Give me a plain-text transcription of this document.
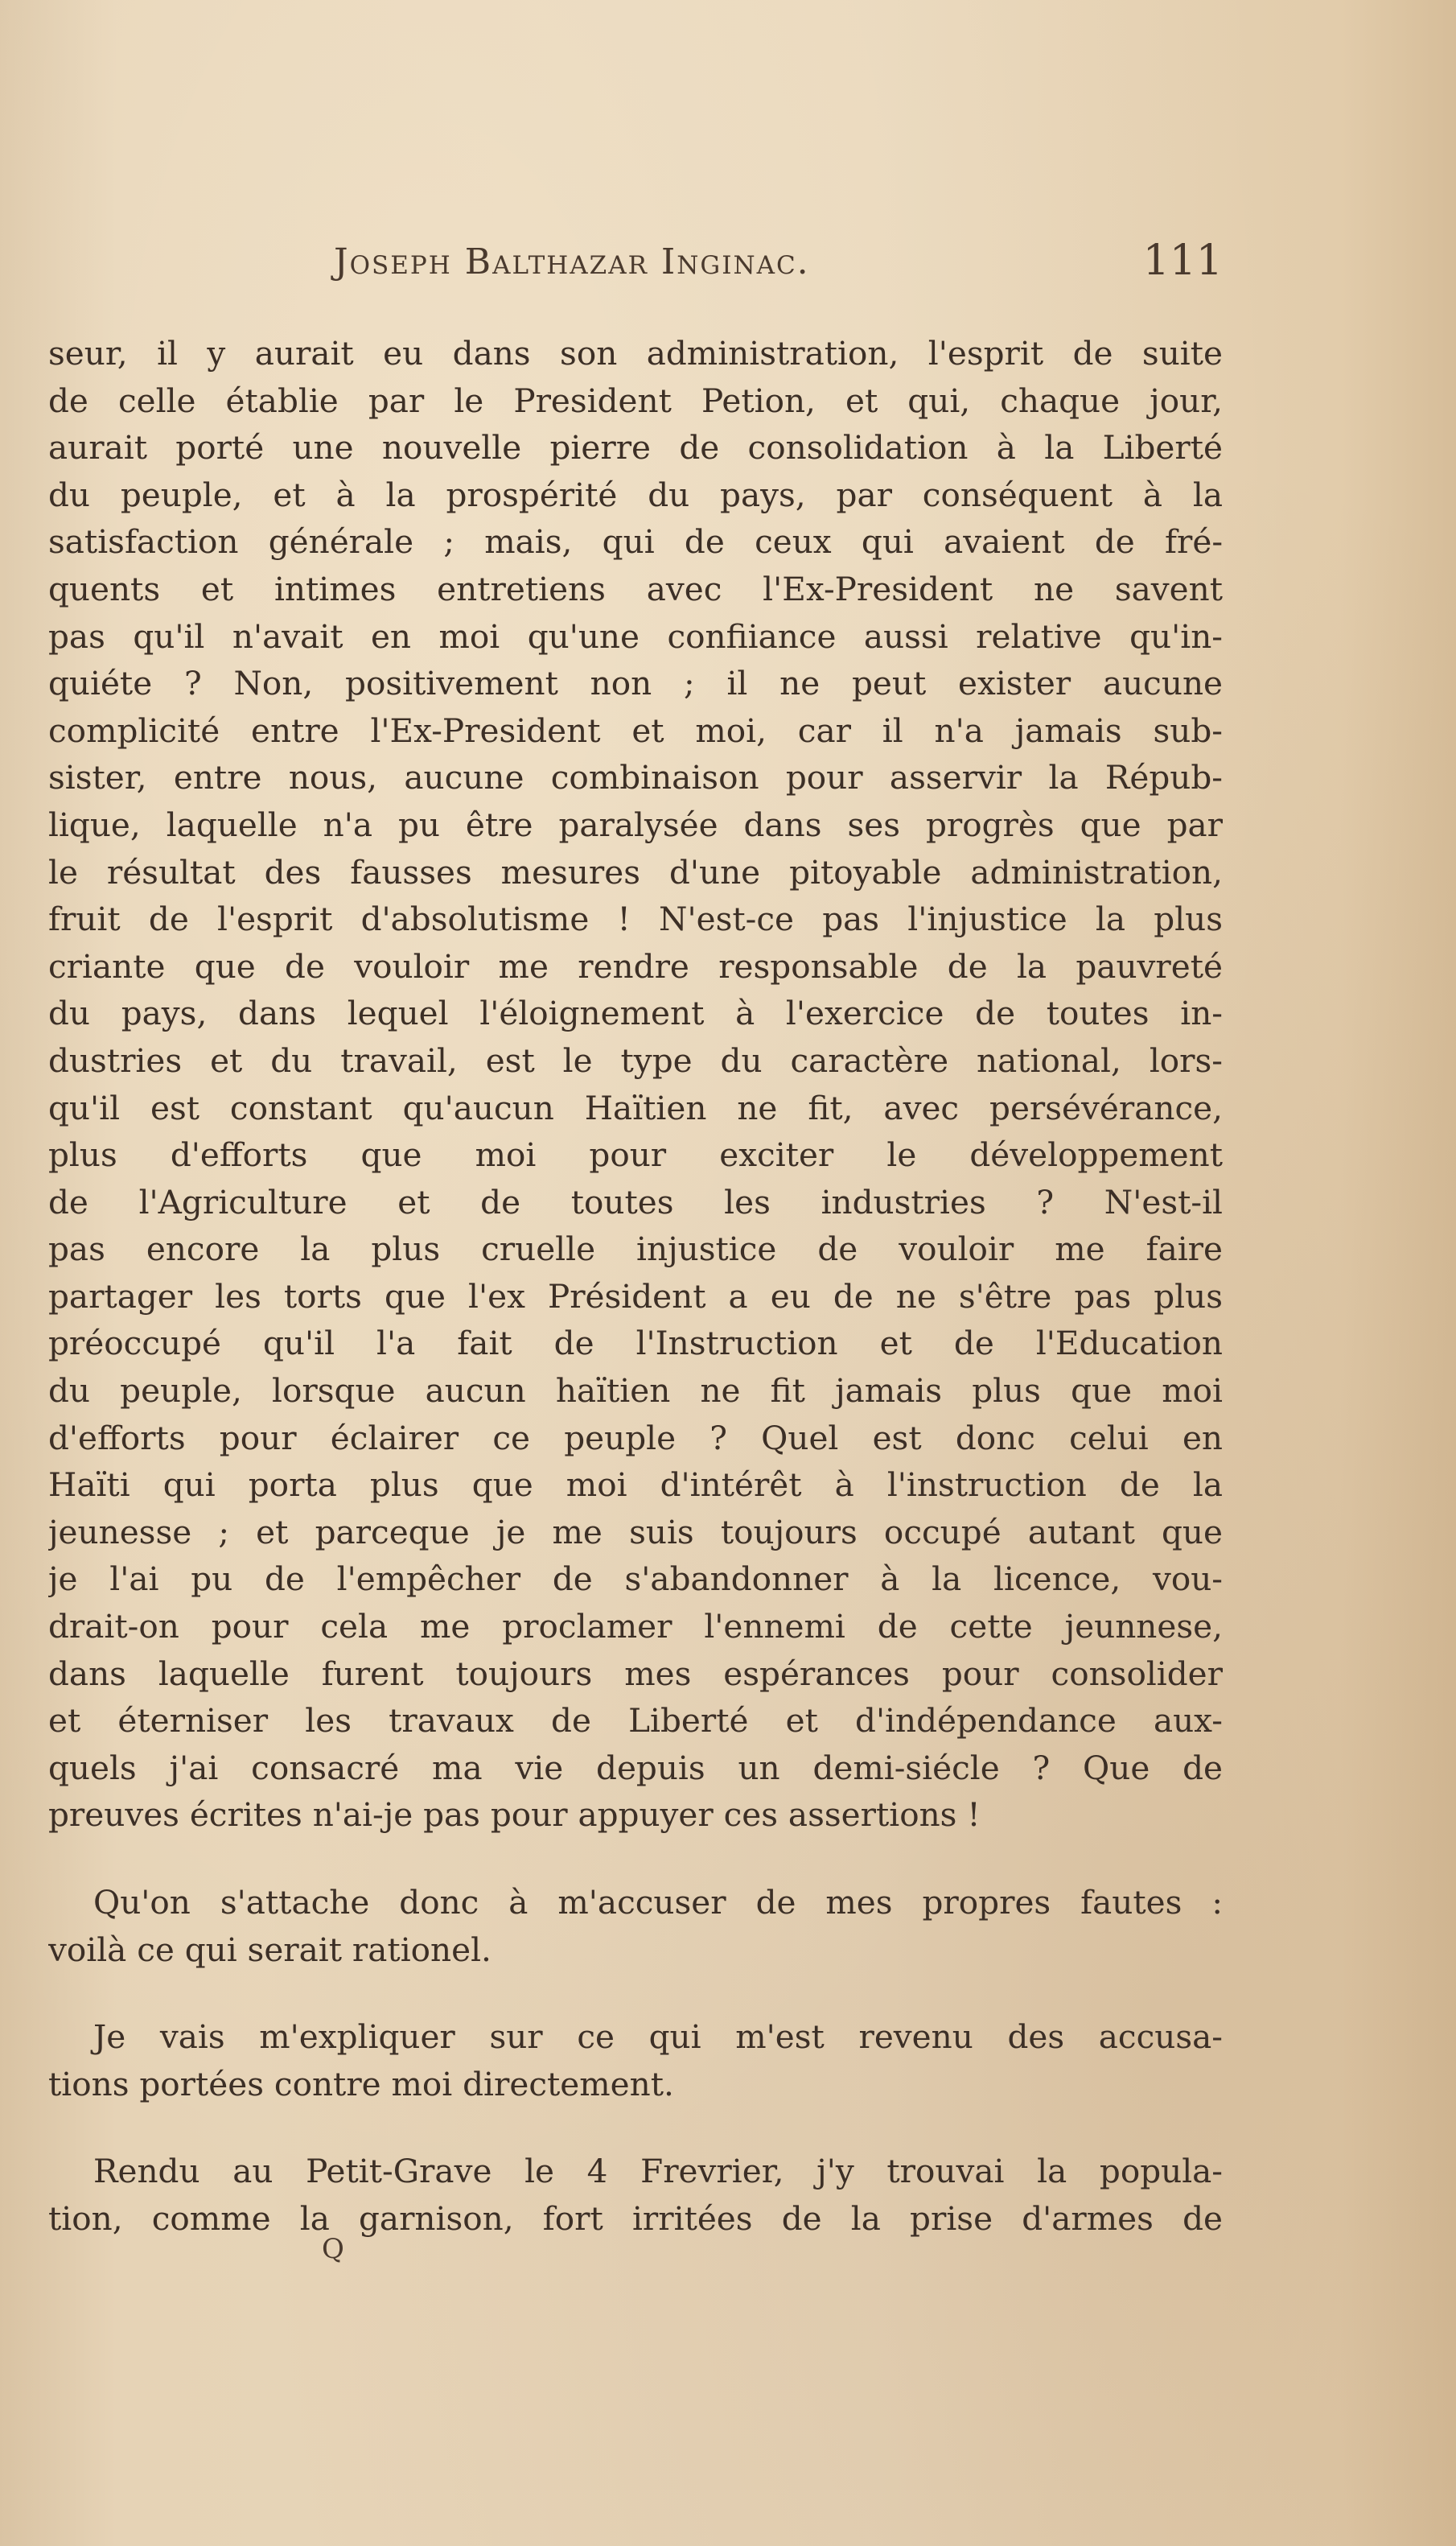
Joseph Balthazar Inginac.	111
seur, il y aurait eu dans son administration, l'esprit de suite
de celle établie par le President Petion, et qui, chaque jour,
aurait porté une nouvelle pierre de consolidation à la Liberté
du peuple, et à la prospérité du pays, par conséquent à la
satisfaction générale ; mais, qui de ceux qui avaient de fré-
quents et intimes entretiens avec l'Ex-President ne savent
pas qu'il n'avait en moi qu'une confiiance aussi relative qu'in-
quiéte ? Non, positivement non ; il ne peut exister aucune
complicité entre l'Ex-President et moi, car il n'a jamais sub-
sister, entre nous, aucune combinaison pour asservir la Répub-
lique, laquelle n'a pu être paralysée dans ses progrès que par
le résultat des fausses mesures d'une pitoyable administration,
fruit de l'esprit d'absolutisme ! N'est-ce pas l'injustice la plus
criante que de vouloir me rendre responsable de la pauvreté
du pays, dans lequel l'éloignement à l'exercice de toutes in-
dustries et du travail, est le type du caractère national, lors-
qu'il est constant qu'aucun Haïtien ne fit, avec persévérance,
plus d'efforts que moi pour exciter le développement
de l'Agriculture et de toutes les industries ? N'est-il
pas encore la plus cruelle injustice de vouloir me faire
partager les torts que l'ex Président a eu de ne s'être pas plus
préoccupé qu'il l'a fait de l'Instruction et de l'Education
du peuple, lorsque aucun haïtien ne fit jamais plus que moi
d'efforts pour éclairer ce peuple ? Quel est donc celui en
Haïti qui porta plus que moi d'intérêt à l'instruction de la
jeunesse ; et parceque je me suis toujours occupé autant que
je l'ai pu de l'empêcher de s'abandonner à la licence, vou-
drait-on pour cela me proclamer l'ennemi de cette jeunnese,
dans laquelle furent toujours mes espérances pour consolider
et éterniser les travaux de Liberté et d'indépendance aux-
quels j'ai consacré ma vie depuis un demi-siécle ? Que de
preuves écrites n'ai-je pas pour appuyer ces assertions !
Qu'on s'attache donc à m'accuser de mes propres fautes :
voilà ce qui serait rationel.
Je vais m'expliquer sur ce qui m'est revenu des accusa-
tions portées contre moi directement.
Rendu au Petit-Grave le 4 Frevrier, j'y trouvai la popula-
tion, comme la garnison, fort irritées de la prise d'armes de
Q
